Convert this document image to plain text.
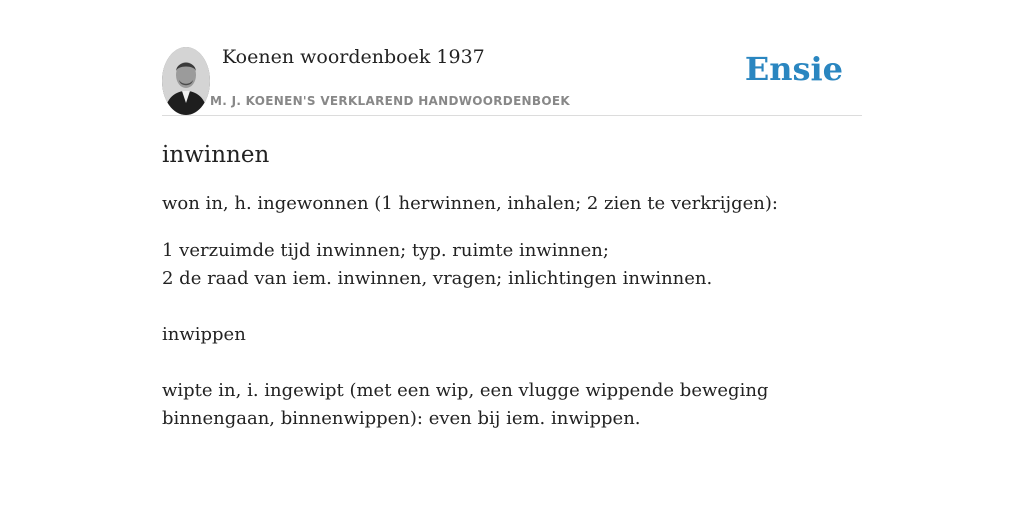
Koenen woordenboek 1937
M. J. KOENEN'S VERKLAREND HANDWOORDENBOEK
Ensie
inwinnen

won in, h. ingewonnen (1 herwinnen, inhalen; 2 zien te verkrijgen):

1 verzuimde tijd inwinnen; typ. ruimte inwinnen;
2 de raad van iem. inwinnen, vragen; inlichtingen inwinnen.

inwippen

wipte in, i. ingewipt (met een wip, een vlugge wippende beweging binnengaan, binnenwippen): even bij iem. inwippen.
